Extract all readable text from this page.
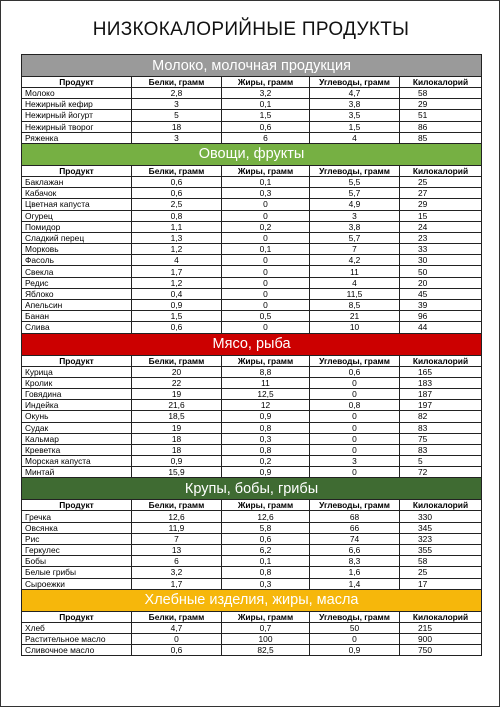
НИЗКОКАЛОРИЙНЫЕ ПРОДУКТЫ
Молоко, молочная продукция				
Продукт	Белки, грамм	Жиры, грамм	Углеводы, грамм	Килокалорий
Молоко	2,8	3,2	4,7	58
Нежирный кефир	3	0,1	3,8	29
Нежирный йогурт	5	1,5	3,5	51
Нежирный творог	18	0,6	1,5	86
Ряженка	3	6	4	85
Овощи, фрукты				
Продукт	Белки, грамм	Жиры, грамм	Углеводы, грамм	Килокалорий
Баклажан	0,6	0,1	5,5	25
Кабачок	0,6	0,3	5,7	27
Цветная капуста	2,5	0	4,9	29
Огурец	0,8	0	3	15
Помидор	1,1	0,2	3,8	24
Сладкий перец	1,3	0	5,7	23
Морковь	1,2	0,1	7	33
Фасоль	4	0	4,2	30
Свекла	1,7	0	11	50
Редис	1,2	0	4	20
Яблоко	0,4	0	11,5	45
Апельсин	0,9	0	8,5	39
Банан	1,5	0,5	21	96
Слива	0,6	0	10	44
Мясо, рыба				
Продукт	Белки, грамм	Жиры, грамм	Углеводы, грамм	Килокалорий
Курица	20	8,8	0,6	165
Кролик	22	11	0	183
Говядина	19	12,5	0	187
Индейка	21,6	12	0,8	197
Окунь	18,5	0,9	0	82
Судак	19	0,8	0	83
Кальмар	18	0,3	0	75
Креветка	18	0,8	0	83
Морская капуста	0,9	0,2	3	5
Минтай	15,9	0,9	0	72
Крупы, бобы, грибы				
Продукт	Белки, грамм	Жиры, грамм	Углеводы, грамм	Килокалорий
Гречка	12,6	12,6	68	330
Овсянка	11,9	5,8	66	345
Рис	7	0,6	74	323
Геркулес	13	6,2	6,6	355
Бобы	6	0,1	8,3	58
Белые грибы	3,2	0,8	1,6	25
Сыроежки	1,7	0,3	1,4	17
Хлебные изделия, жиры, масла				
Продукт	Белки, грамм	Жиры, грамм	Углеводы, грамм	Килокалорий
Хлеб	4,7	0,7	50	215
Растительное масло	0	100	0	900
Сливочное масло	0,6	82,5	0,9	750
